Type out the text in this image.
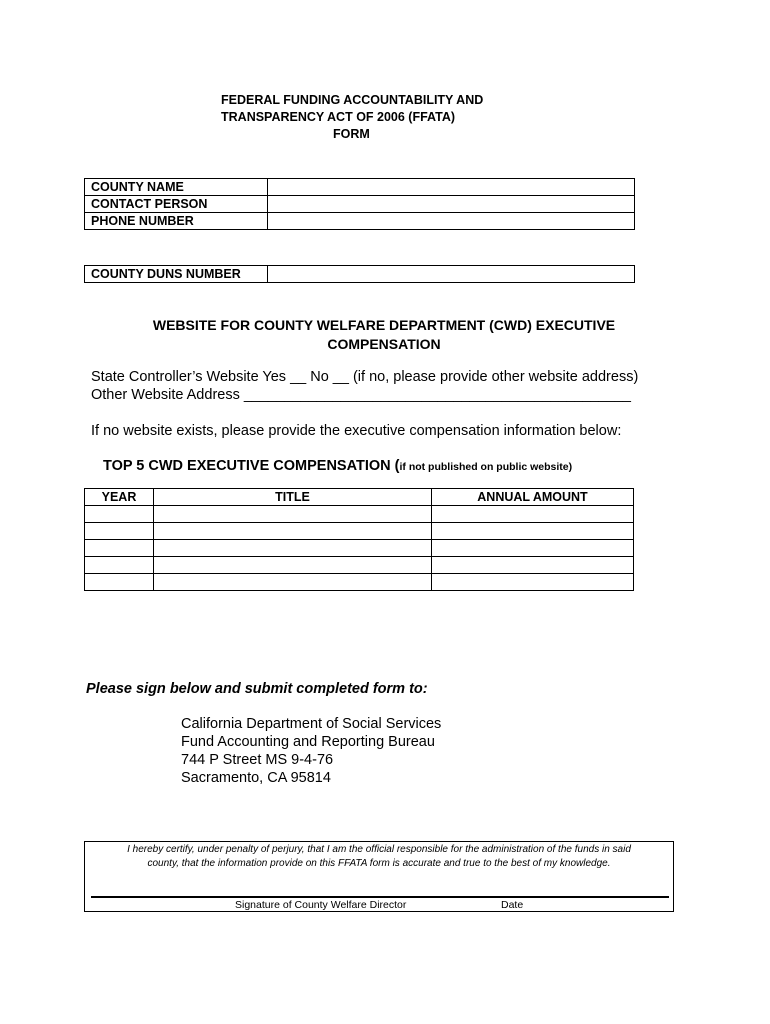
FEDERAL FUNDING ACCOUNTABILITY AND
TRANSPARENCY ACT OF 2006 (FFATA)
FORM
COUNTY NAME	
CONTACT PERSON	
PHONE NUMBER	
COUNTY DUNS NUMBER	
WEBSITE FOR COUNTY WELFARE DEPARTMENT (CWD) EXECUTIVE
COMPENSATION
State Controller’s Website Yes __ No __ (if no, please provide other website address)
Other Website Address ________________________________________________
If no website exists, please provide the executive compensation information below:
TOP 5 CWD EXECUTIVE COMPENSATION (if not published on public website)
YEAR	TITLE	ANNUAL AMOUNT

Please sign below and submit completed form to:
California Department of Social Services
Fund Accounting and Reporting Bureau
744 P Street MS 9-4-76
Sacramento, CA 95814
I hereby certify, under penalty of perjury, that I am the official responsible for the administration of the funds in said
county, that the information provide on this FFATA form is accurate and true to the best of my knowledge.
Signature of County Welfare Director	Date
